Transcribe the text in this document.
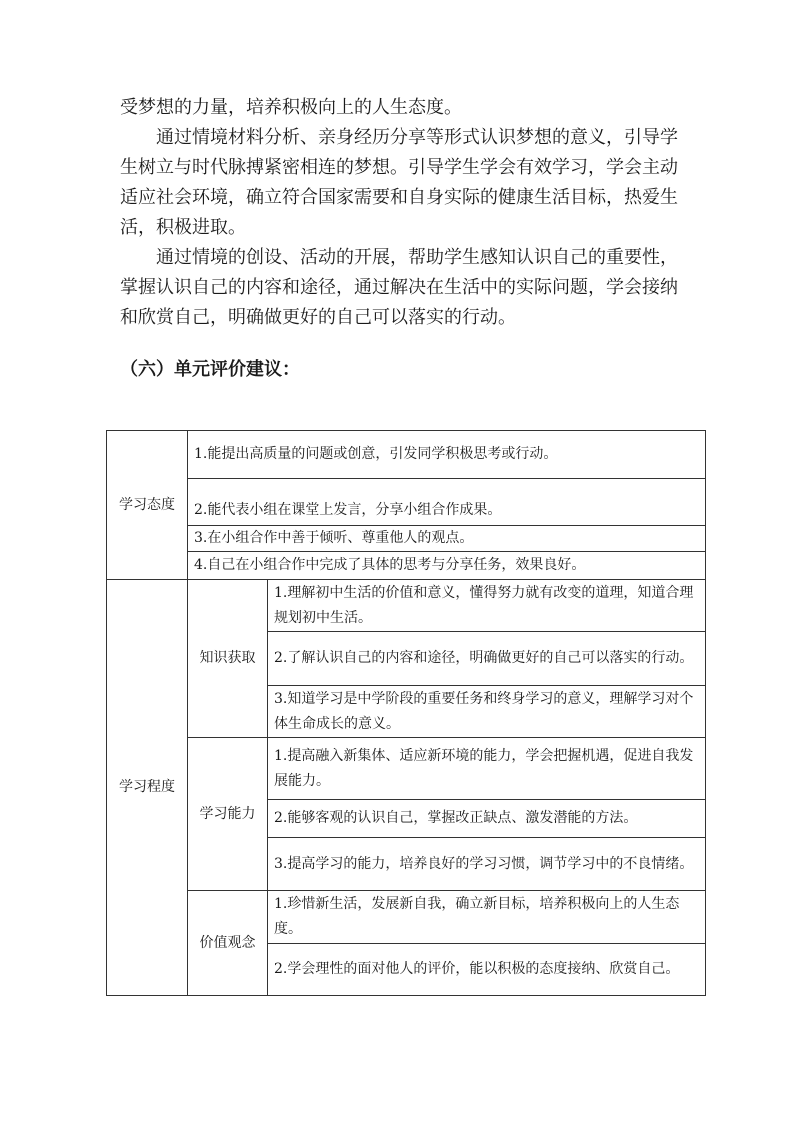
受梦想的力量，培养积极向上的人生态度。

通过情境材料分析、亲身经历分享等形式认识梦想的意义，引导学生树立与时代脉搏紧密相连的梦想。引导学生学会有效学习，学会主动适应社会环境，确立符合国家需要和自身实际的健康生活目标，热爱生活，积极进取。

通过情境的创设、活动的开展，帮助学生感知认识自己的重要性，掌握认识自己的内容和途径，通过解决在生活中的实际问题，学会接纳和欣赏自己，明确做更好的自己可以落实的行动。

（六）单元评价建议：
学习态度	1.能提出高质量的问题或创意，引发同学积极思考或行动。	
	2.能代表小组在课堂上发言，分享小组合作成果。	
	3.在小组合作中善于倾听、尊重他人的观点。	
	4.自己在小组合作中完成了具体的思考与分享任务，效果良好。	
学习程度	知识获取	1.理解初中生活的价值和意义，懂得努力就有改变的道理，知道合理规划初中生活。
		2.了解认识自己的内容和途径，明确做更好的自己可以落实的行动。
		3.知道学习是中学阶段的重要任务和终身学习的意义，理解学习对个体生命成长的意义。
	学习能力	1.提高融入新集体、适应新环境的能力，学会把握机遇，促进自我发展能力。
		2.能够客观的认识自己，掌握改正缺点、激发潜能的方法。
		3.提高学习的能力，培养良好的学习习惯，调节学习中的不良情绪。
	价值观念	1.珍惜新生活，发展新自我，确立新目标，培养积极向上的人生态度。
		2.学会理性的面对他人的评价，能以积极的态度接纳、欣赏自己。
